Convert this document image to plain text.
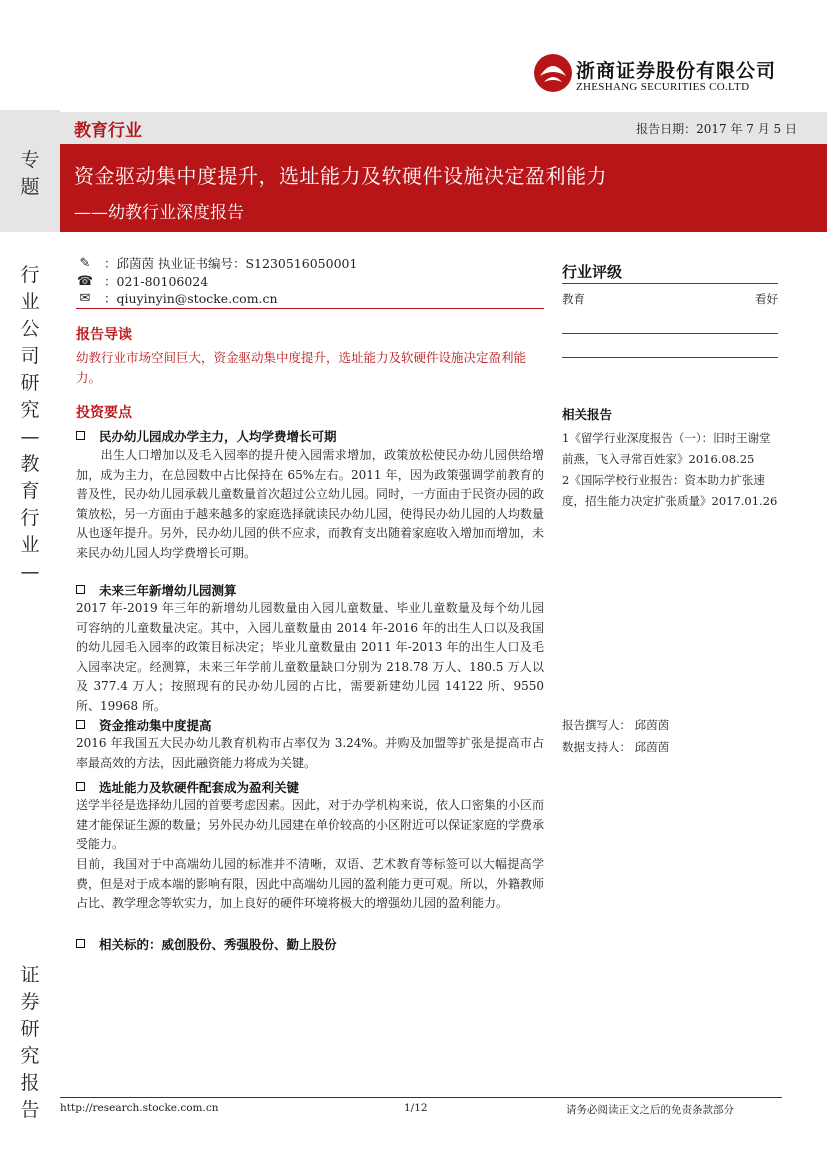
浙商证券股份有限公司
ZHESHANG SECURITIES CO.LTD
专
题
行
业
公
司
研
究
—
教
育
行
业
—
证
券
研
究
报
告
教育行业	报告日期：2017 年 7 月 5 日
资金驱动集中度提升，选址能力及软硬件设施决定盈利能力
——幼教行业深度报告
✎ ：邱茵茵 执业证书编号：S1230516050001
☎ ：021-80106024
✉ ：qiuyinyin@stocke.com.cn
报告导读
幼教行业市场空间巨大，资金驱动集中度提升，选址能力及软硬件设施决定盈利能力。
投资要点
民办幼儿园成办学主力，人均学费增长可期
　　出生人口增加以及毛入园率的提升使入园需求增加，政策放松使民办幼儿园供给增加，成为主力，在总园数中占比保持在 65%左右。2011 年，因为政策强调学前教育的普及性，民办幼儿园承载儿童数量首次超过公立幼儿园。同时，一方面由于民资办园的政策放松，另一方面由于越来越多的家庭选择就读民办幼儿园，使得民办幼儿园的人均数量从也逐年提升。另外，民办幼儿园的供不应求，而教育支出随着家庭收入增加而增加，未来民办幼儿园人均学费增长可期。
未来三年新增幼儿园测算
2017 年-2019 年三年的新增幼儿园数量由入园儿童数量、毕业儿童数量及每个幼儿园可容纳的儿童数量决定。其中，入园儿童数量由 2014 年-2016 年的出生人口以及我国的幼儿园毛入园率的政策目标决定；毕业儿童数量由 2011 年-2013 年的出生人口及毛入园率决定。经测算，未来三年学前儿童数量缺口分别为 218.78 万人、180.5 万人以及 377.4 万人；按照现有的民办幼儿园的占比，需要新建幼儿园 14122 所、9550 所、19968 所。
资金推动集中度提高
2016 年我国五大民办幼儿教育机构市占率仅为 3.24%。并购及加盟等扩张是提高市占率最高效的方法，因此融资能力将成为关键。
选址能力及软硬件配套成为盈利关键
送学半径是选择幼儿园的首要考虑因素。因此，对于办学机构来说，依人口密集的小区而建才能保证生源的数量；另外民办幼儿园建在单价较高的小区附近可以保证家庭的学费承受能力。
目前，我国对于中高端幼儿园的标准并不清晰，双语、艺术教育等标签可以大幅提高学费，但是对于成本端的影响有限，因此中高端幼儿园的盈利能力更可观。所以，外籍教师占比、教学理念等软实力，加上良好的硬件环境将极大的增强幼儿园的盈利能力。
相关标的：威创股份、秀强股份、勤上股份
行业评级
教育	看好
相关报告
1《留学行业深度报告（一）：旧时王谢堂前燕，飞入寻常百姓家》2016.08.25
2《国际学校行业报告：资本助力扩张速度，招生能力决定扩张质量》2017.01.26
报告撰写人： 邱茵茵
数据支持人： 邱茵茵
http://research.stocke.com.cn	1/12	请务必阅读正文之后的免责条款部分
